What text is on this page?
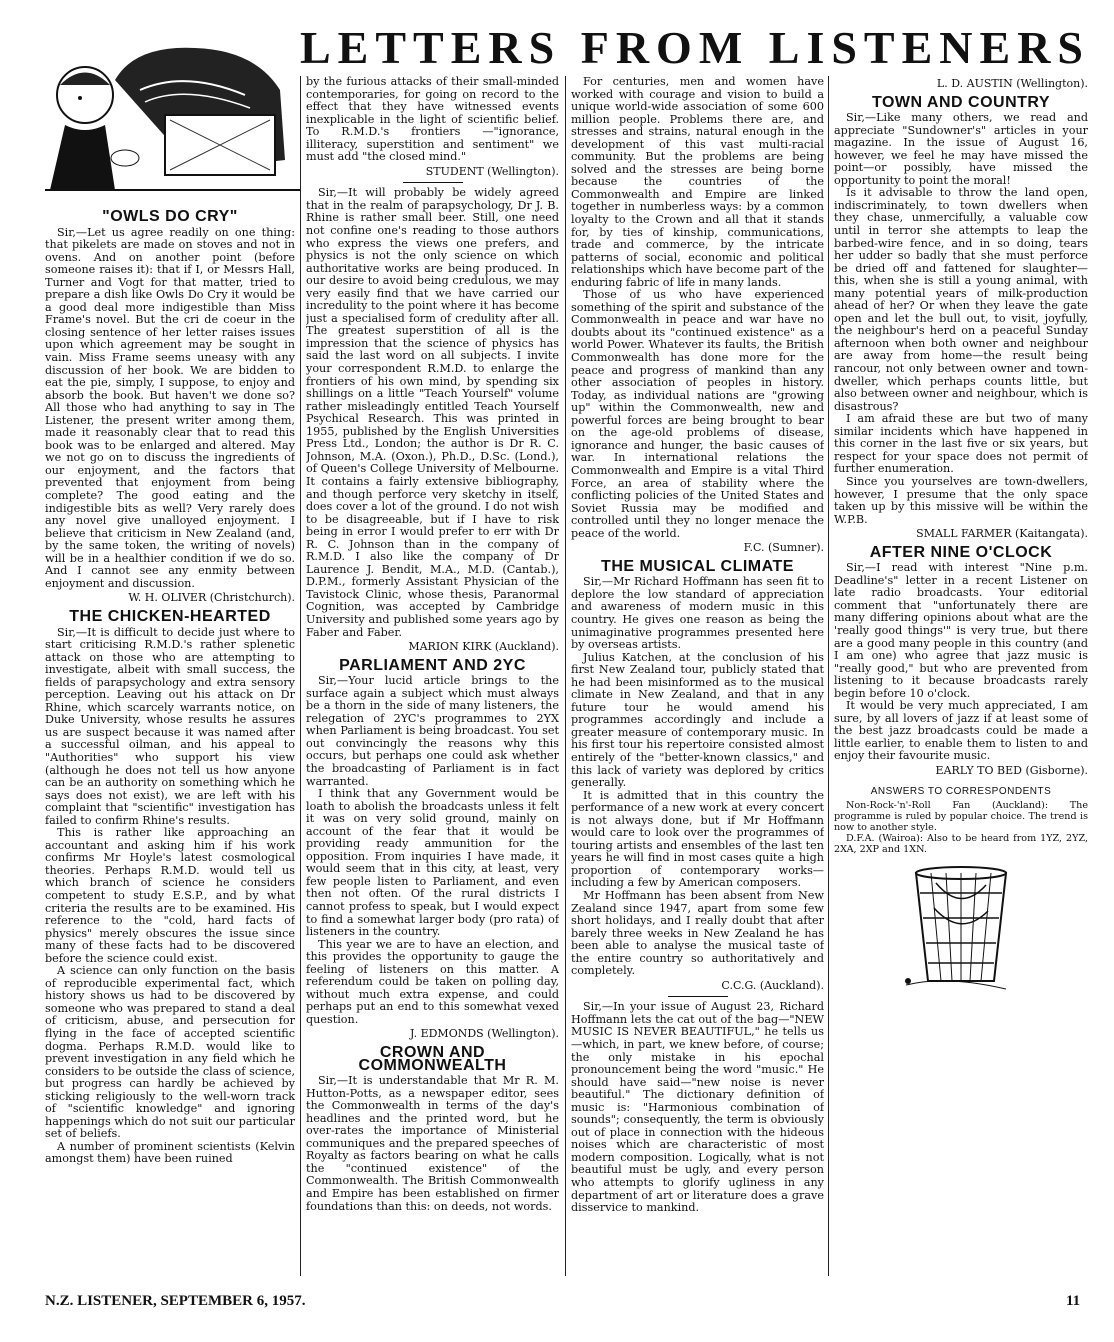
LETTERS FROM LISTENERS
"OWLS DO CRY"

Sir,—Let us agree readily on one thing: that pikelets are made on stoves and not in ovens. And on another point (before someone raises it): that if I, or Messrs Hall, Turner and Vogt for that matter, tried to prepare a dish like Owls Do Cry it would be a good deal more indigestible than Miss Frame's novel. But the cri de coeur in the closing sentence of her letter raises issues upon which agreement may be sought in vain. Miss Frame seems uneasy with any discussion of her book. We are bidden to eat the pie, simply, I suppose, to enjoy and absorb the book. But haven't we done so? All those who had anything to say in The Listener, the present writer among them, made it reasonably clear that to read this book was to be enlarged and altered. May we not go on to discuss the ingredients of our enjoyment, and the factors that prevented that enjoyment from being complete? The good eating and the indigestible bits as well? Very rarely does any novel give unalloyed enjoyment. I believe that criticism in New Zealand (and, by the same token, the writing of novels) will be in a healthier condition if we do so. And I cannot see any enmity between enjoyment and discussion.

W. H. OLIVER (Christchurch).
THE CHICKEN-HEARTED

Sir,—It is difficult to decide just where to start criticising R.M.D.'s rather splenetic attack on those who are attempting to investigate, albeit with small success, the fields of parapsychology and extra sensory perception. Leaving out his attack on Dr Rhine, which scarcely warrants notice, on Duke University, whose results he assures us are suspect because it was named after a successful oilman, and his appeal to "Authorities" who support his view (although he does not tell us how anyone can be an authority on something which he says does not exist), we are left with his complaint that "scientific" investigation has failed to confirm Rhine's results.

This is rather like approaching an accountant and asking him if his work confirms Mr Hoyle's latest cosmological theories. Perhaps R.M.D. would tell us which branch of science he considers competent to study E.S.P., and by what criteria the results are to be examined. His reference to the "cold, hard facts of physics" merely obscures the issue since many of these facts had to be discovered before the science could exist.

A science can only function on the basis of reproducible experimental fact, which history shows us had to be discovered by someone who was prepared to stand a deal of criticism, abuse, and persecution for flying in the face of accepted scientific dogma. Perhaps R.M.D. would like to prevent investigation in any field which he considers to be outside the class of science, but progress can hardly be achieved by sticking religiously to the well-worn track of "scientific knowledge" and ignoring happenings which do not suit our particular set of beliefs.

A number of prominent scientists (Kelvin amongst them) have been ruined

by the furious attacks of their small-minded contemporaries, for going on record to the effect that they have witnessed events inexplicable in the light of scientific belief. To R.M.D.'s frontiers —"ignorance, illiteracy, superstition and sentiment" we must add "the closed mind."

STUDENT (Wellington).

Sir,—It will probably be widely agreed that in the realm of parapsychology, Dr J. B. Rhine is rather small beer. Still, one need not confine one's reading to those authors who express the views one prefers, and physics is not the only science on which authoritative works are being produced. In our desire to avoid being credulous, we may very easily find that we have carried our incredulity to the point where it has become just a specialised form of credulity after all. The greatest superstition of all is the impression that the science of physics has said the last word on all subjects. I invite your correspondent R.M.D. to enlarge the frontiers of his own mind, by spending six shillings on a little "Teach Yourself" volume rather misleadingly entitled Teach Yourself Psychical Research. This was printed in 1955, published by the English Universities Press Ltd., London; the author is Dr R. C. Johnson, M.A. (Oxon.), Ph.D., D.Sc. (Lond.), of Queen's College University of Melbourne. It contains a fairly extensive bibliography, and though perforce very sketchy in itself, does cover a lot of the ground. I do not wish to be disagreeable, but if I have to risk being in error I would prefer to err with Dr R. C. Johnson than in the company of R.M.D. I also like the company of Dr Laurence J. Bendit, M.A., M.D. (Cantab.), D.P.M., formerly Assistant Physician of the Tavistock Clinic, whose thesis, Paranormal Cognition, was accepted by Cambridge University and published some years ago by Faber and Faber.

MARION KIRK (Auckland).
PARLIAMENT AND 2YC

Sir,—Your lucid article brings to the surface again a subject which must always be a thorn in the side of many listeners, the relegation of 2YC's programmes to 2YX when Parliament is being broadcast. You set out convincingly the reasons why this occurs, but perhaps one could ask whether the broadcasting of Parliament is in fact warranted.

I think that any Government would be loath to abolish the broadcasts unless it felt it was on very solid ground, mainly on account of the fear that it would be providing ready ammunition for the opposition. From inquiries I have made, it would seem that in this city, at least, very few people listen to Parliament, and even then not often. Of the rural districts I cannot profess to speak, but I would expect to find a somewhat larger body (pro rata) of listeners in the country.

This year we are to have an election, and this provides the opportunity to gauge the feeling of listeners on this matter. A referendum could be taken on polling day, without much extra expense, and could perhaps put an end to this somewhat vexed question.

J. EDMONDS (Wellington).
CROWN AND COMMONWEALTH

Sir,—It is understandable that Mr R. M. Hutton-Potts, as a newspaper editor, sees the Commonwealth in terms of the day's headlines and the printed word, but he over-rates the importance of Ministerial communiques and the prepared speeches of Royalty as factors bearing on what he calls the "continued existence" of the Commonwealth. The British Commonwealth and Empire has been established on firmer foundations than this: on deeds, not words.

For centuries, men and women have worked with courage and vision to build a unique world-wide association of some 600 million people. Problems there are, and stresses and strains, natural enough in the development of this vast multi-racial community. But the problems are being solved and the stresses are being borne because the countries of the Commonwealth and Empire are linked together in numberless ways: by a common loyalty to the Crown and all that it stands for, by ties of kinship, communications, trade and commerce, by the intricate patterns of social, economic and political relationships which have become part of the enduring fabric of life in many lands.

Those of us who have experienced something of the spirit and substance of the Commonwealth in peace and war have no doubts about its "continued existence" as a world Power. Whatever its faults, the British Commonwealth has done more for the peace and progress of mankind than any other association of peoples in history. Today, as individual nations are "growing up" within the Commonwealth, new and powerful forces are being brought to bear on the age-old problems of disease, ignorance and hunger, the basic causes of war. In international relations the Commonwealth and Empire is a vital Third Force, an area of stability where the conflicting policies of the United States and Soviet Russia may be modified and controlled until they no longer menace the peace of the world.

F.C. (Sumner).
THE MUSICAL CLIMATE

Sir,—Mr Richard Hoffmann has seen fit to deplore the low standard of appreciation and awareness of modern music in this country. He gives one reason as being the unimaginative programmes presented here by overseas artists.

Julius Katchen, at the conclusion of his first New Zealand tour, publicly stated that he had been misinformed as to the musical climate in New Zealand, and that in any future tour he would amend his programmes accordingly and include a greater measure of contemporary music. In his first tour his repertoire consisted almost entirely of the "better-known classics," and this lack of variety was deplored by critics generally.

It is admitted that in this country the performance of a new work at every concert is not always done, but if Mr Hoffmann would care to look over the programmes of touring artists and ensembles of the last ten years he will find in most cases quite a high proportion of contemporary works—including a few by American composers.

Mr Hoffmann has been absent from New Zealand since 1947, apart from some few short holidays, and I really doubt that after barely three weeks in New Zealand he has been able to analyse the musical taste of the entire country so authoritatively and completely.

C.C.G. (Auckland).

Sir,—In your issue of August 23, Richard Hoffmann lets the cat out of the bag—"NEW MUSIC IS NEVER BEAUTIFUL," he tells us—which, in part, we knew before, of course; the only mistake in his epochal pronouncement being the word "music." He should have said—"new noise is never beautiful." The dictionary definition of music is: "Harmonious combination of sounds"; consequently, the term is obviously out of place in connection with the hideous noises which are characteristic of most modern composition. Logically, what is not beautiful must be ugly, and every person who attempts to glorify ugliness in any department of art or literature does a grave disservice to mankind.

L. D. AUSTIN (Wellington).
TOWN AND COUNTRY

Sir,—Like many others, we read and appreciate "Sundowner's" articles in your magazine. In the issue of August 16, however, we feel he may have missed the point—or possibly, have missed the opportunity to point the moral!

Is it advisable to throw the land open, indiscriminately, to town dwellers when they chase, unmercifully, a valuable cow until in terror she attempts to leap the barbed-wire fence, and in so doing, tears her udder so badly that she must perforce be dried off and fattened for slaughter—this, when she is still a young animal, with many potential years of milk-production ahead of her? Or when they leave the gate open and let the bull out, to visit, joyfully, the neighbour's herd on a peaceful Sunday afternoon when both owner and neighbour are away from home—the result being rancour, not only between owner and town-dweller, which perhaps counts little, but also between owner and neighbour, which is disastrous?

I am afraid these are but two of many similar incidents which have happened in this corner in the last five or six years, but respect for your space does not permit of further enumeration.

Since you yourselves are town-dwellers, however, I presume that the only space taken up by this missive will be within the W.P.B.

SMALL FARMER (Kaitangata).
AFTER NINE O'CLOCK

Sir,—I read with interest "Nine p.m. Deadline's" letter in a recent Listener on late radio broadcasts. Your editorial comment that "unfortunately there are many differing opinions about what are the 'really good things'" is very true, but there are a good many people in this country (and I am one) who agree that jazz music is "really good," but who are prevented from listening to it because broadcasts rarely begin before 10 o'clock.

It would be very much appreciated, I am sure, by all lovers of jazz if at least some of the best jazz broadcasts could be made a little earlier, to enable them to listen to and enjoy their favourite music.

EARLY TO BED (Gisborne).
ANSWERS TO CORRESPONDENTS

Non-Rock-'n'-Roll Fan (Auckland): The programme is ruled by popular choice. The trend is now to another style.

D.F.A. (Wairoa): Also to be heard from 1YZ, 2YZ, 2XA, 2XP and 1XN.

N.Z. LISTENER, SEPTEMBER 6, 1957.	11
